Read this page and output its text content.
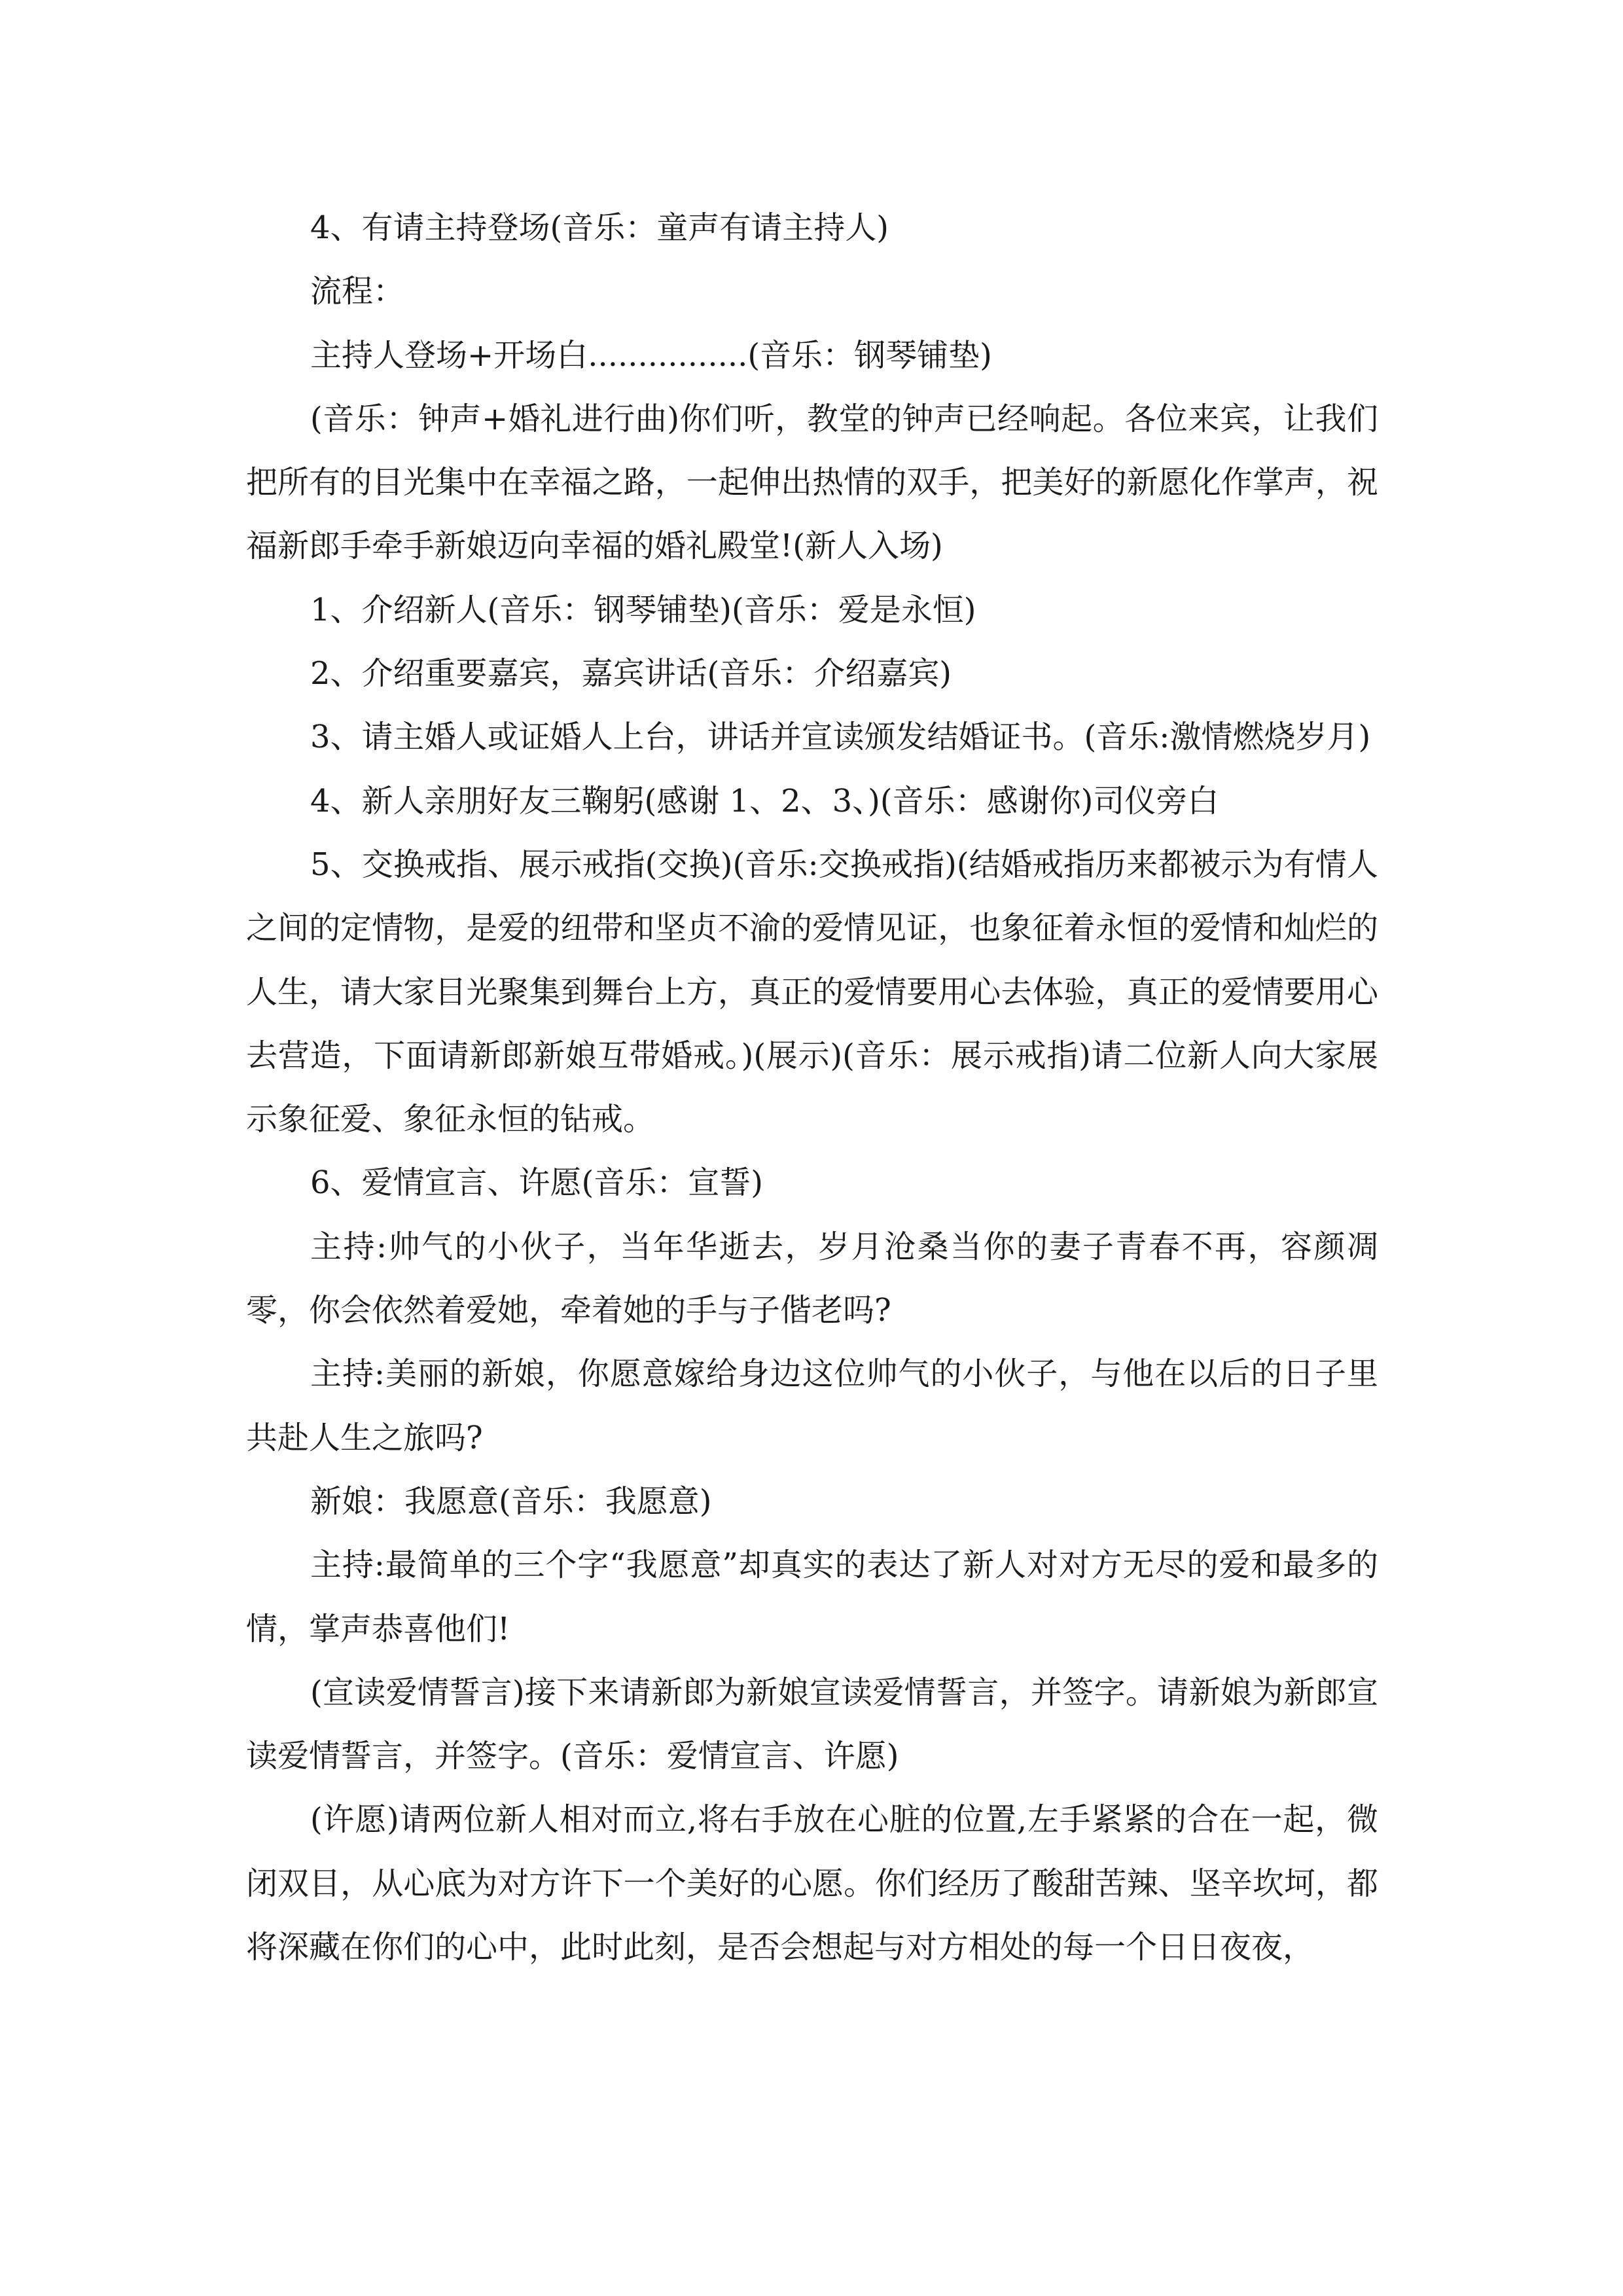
4、有请主持登场(音乐：童声有请主持人)

流程：

主持人登场+开场白................(音乐：钢琴铺垫)

(音乐：钟声+婚礼进行曲)你们听，教堂的钟声已经响起。各位来宾，让我们把所有的目光集中在幸福之路，一起伸出热情的双手，把美好的新愿化作掌声，祝福新郎手牵手新娘迈向幸福的婚礼殿堂!(新人入场)

1、介绍新人(音乐：钢琴铺垫)(音乐：爱是永恒)

2、介绍重要嘉宾，嘉宾讲话(音乐：介绍嘉宾)

3、请主婚人或证婚人上台，讲话并宣读颁发结婚证书。(音乐:激情燃烧岁月)

4、新人亲朋好友三鞠躬(感谢 1、2、3、)(音乐：感谢你)司仪旁白

5、交换戒指、展示戒指(交换)(音乐:交换戒指)(结婚戒指历来都被示为有情人之间的定情物，是爱的纽带和坚贞不渝的爱情见证，也象征着永恒的爱情和灿烂的人生，请大家目光聚集到舞台上方，真正的爱情要用心去体验，真正的爱情要用心去营造，下面请新郎新娘互带婚戒。)(展示)(音乐：展示戒指)请二位新人向大家展示象征爱、象征永恒的钻戒。

6、爱情宣言、许愿(音乐：宣誓)

主持:帅气的小伙子，当年华逝去，岁月沧桑当你的妻子青春不再，容颜凋零，你会依然着爱她，牵着她的手与子偕老吗?

主持:美丽的新娘，你愿意嫁给身边这位帅气的小伙子，与他在以后的日子里共赴人生之旅吗?

新娘：我愿意(音乐：我愿意)

主持:最简单的三个字“我愿意”却真实的表达了新人对对方无尽的爱和最多的情，掌声恭喜他们!

(宣读爱情誓言)接下来请新郎为新娘宣读爱情誓言，并签字。请新娘为新郎宣读爱情誓言，并签字。(音乐：爱情宣言、许愿)

(许愿)请两位新人相对而立,将右手放在心脏的位置,左手紧紧的合在一起，微闭双目，从心底为对方许下一个美好的心愿。你们经历了酸甜苦辣、坚辛坎坷，都将深藏在你们的心中，此时此刻，是否会想起与对方相处的每一个日日夜夜，
